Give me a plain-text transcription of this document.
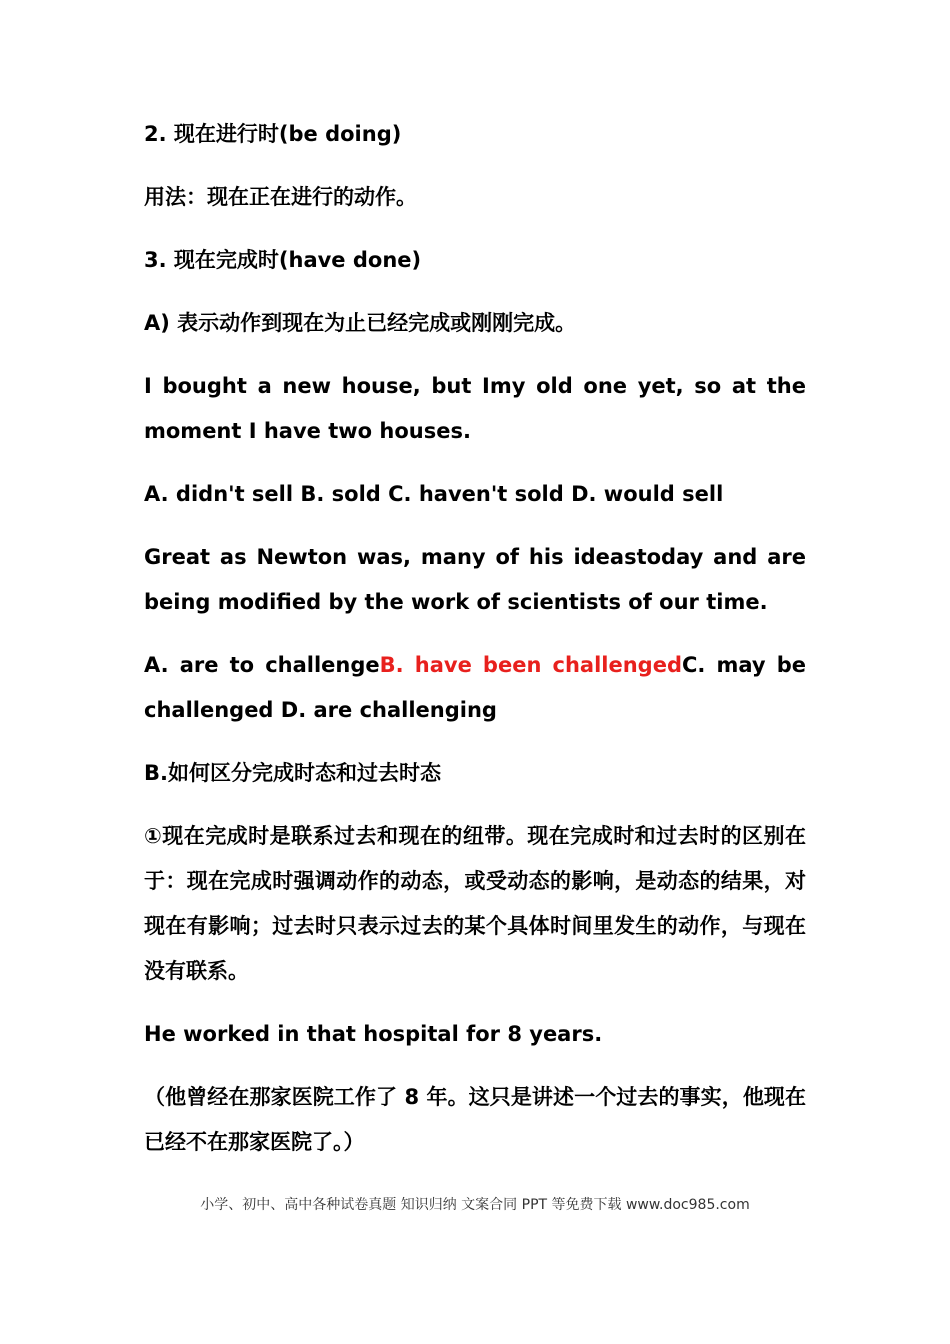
2. 现在进行时(be doing)

用法：现在正在进行的动作。

3. 现在完成时(have done)

A) 表示动作到现在为止已经完成或刚刚完成。

I bought a new house, but Imy old one yet, so at the moment I have two houses.

A. didn't sell B. sold C. haven't sold D. would sell

Great as Newton was, many of his ideastoday and are being modified by the work of scientists of our time.

A. are to challengeB. have been challengedC. may be challenged D. are challenging

B.如何区分完成时态和过去时态

①现在完成时是联系过去和现在的纽带。现在完成时和过去时的区别在于：现在完成时强调动作的动态，或受动态的影响，是动态的结果，对现在有影响；过去时只表示过去的某个具体时间里发生的动作，与现在没有联系。

He worked in that hospital for 8 years.

（他曾经在那家医院工作了 8 年。这只是讲述一个过去的事实，他现在已经不在那家医院了。）

小学、初中、高中各种试卷真题 知识归纳 文案合同 PPT 等免费下载 www.doc985.com
